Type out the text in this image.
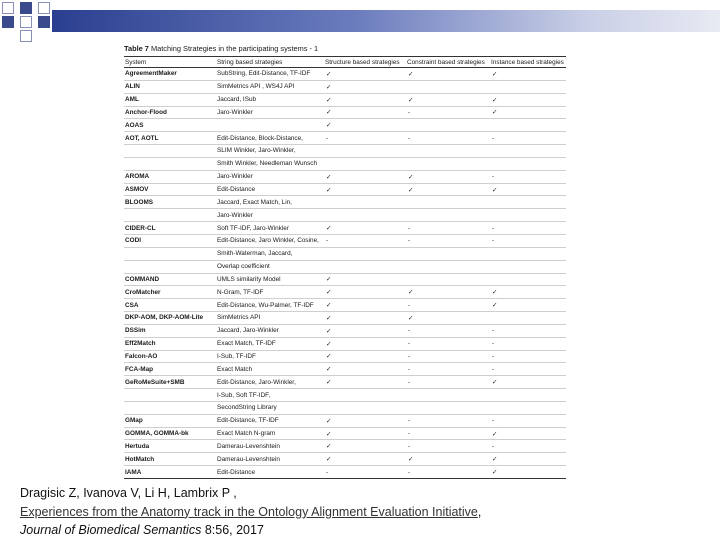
Table 7 Matching Strategies in the participating systems - 1
System	String based strategies	Structure based strategies	Constraint based strategies	Instance based strategies
AgreementMaker	SubString, Edit-Distance, TF-IDF	✓	✓	✓
ALIN	SimMetrics API , WS4J API	✓		
AML	Jaccard, ISub	✓	✓	✓
Anchor-Flood	Jaro-Winkler	✓	-	✓
AOAS		✓		
AOT, AOTL	Edit-Distance, Block-Distance,	-	-	-
	SLIM Winkler, Jaro-Winkler,			
	Smith Winkler, Needleman Wunsch			
AROMA	Jaro-Winkler	✓	✓	-
ASMOV	Edit-Distance	✓	✓	✓
BLOOMS	Jaccard, Exact Match, Lin,			
	Jaro-Winkler			
CIDER-CL	Soft TF-IDF, Jaro-Winkler	✓	-	-
CODI	Edit-Distance, Jaro Winkler, Cosine,	-	-	-
	Smith-Waterman, Jaccard,			
	Overlap coefficient			
COMMAND	UMLS similarity Model	✓		
CroMatcher	N-Gram, TF-IDF	✓	✓	✓
CSA	Edit-Distance, Wu-Palmer, TF-IDF	✓	-	✓
DKP-AOM, DKP-AOM-Lite	SimMetrics API	✓	✓	
DSSim	Jaccard, Jaro-Winkler	✓	-	-
Eff2Match	Exact Match, TF-IDF	✓	-	-
Falcon-AO	I-Sub, TF-IDF	✓	-	-
FCA-Map	Exact Match	✓	-	-
GeRoMeSuite+SMB	Edit-Distance, Jaro-Winkler,	✓	-	✓
	I-Sub, Soft TF-IDF,			
	SecondString Library			
GMap	Edit-Distance, TF-IDF	✓	-	-
GOMMA, GOMMA-bk	Exact Match N-gram	✓	-	✓
Hertuda	Damerau-Levenshtein	✓	-	-
HotMatch	Damerau-Levenshtein	✓	✓	✓
IAMA	Edit-Distance	-	-	✓
Dragisic Z, Ivanova V, Li H, Lambrix P ,
Experiences from the Anatomy track in the Ontology Alignment Evaluation Initiative,
Journal of Biomedical Semantics 8:56, 2017
